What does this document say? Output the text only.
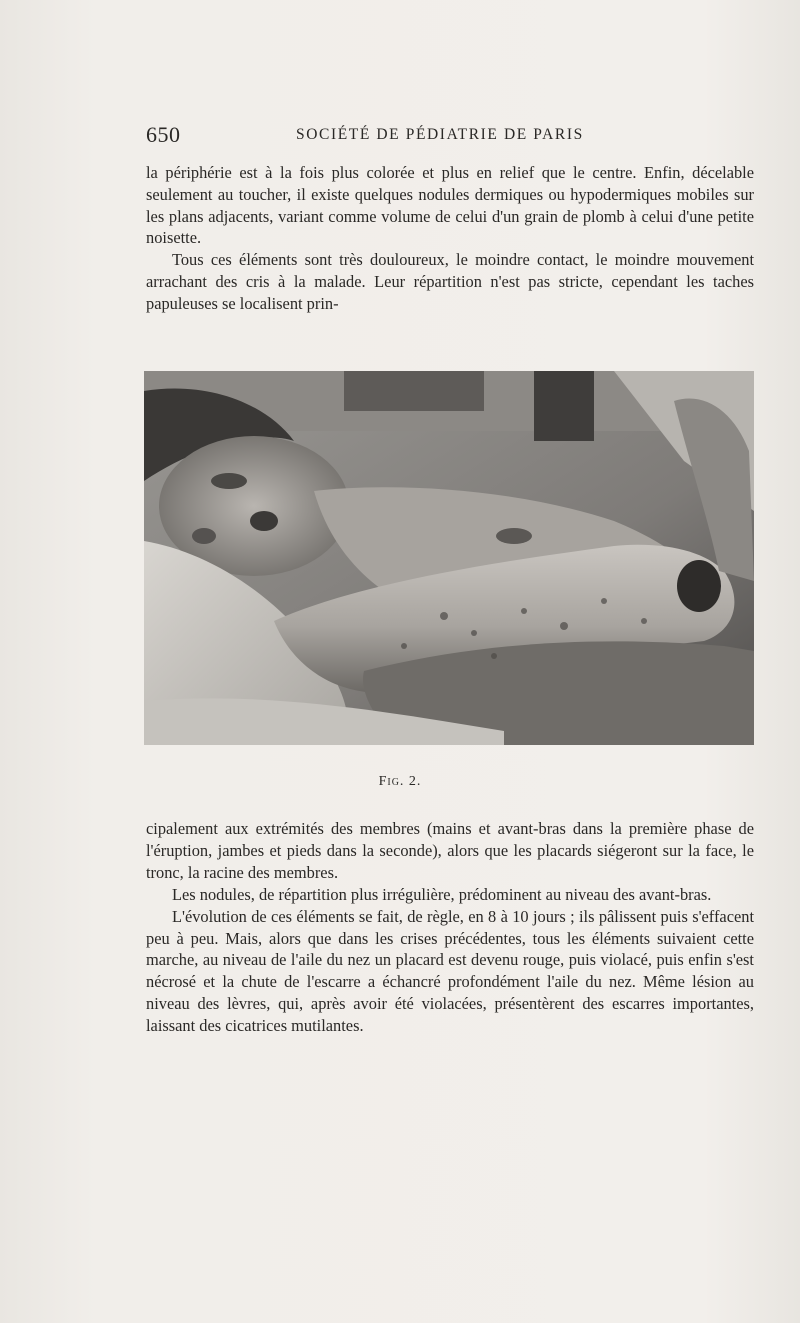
650	SOCIÉTÉ DE PÉDIATRIE DE PARIS

la périphérie est à la fois plus colorée et plus en relief que le centre. Enfin, décelable seulement au toucher, il existe quelques nodules dermiques ou hypodermiques mobiles sur les plans adjacents, variant comme volume de celui d'un grain de plomb à celui d'une petite noisette.

Tous ces éléments sont très douloureux, le moindre contact, le moindre mouvement arrachant des cris à la malade. Leur répartition n'est pas stricte, cependant les taches papuleuses se localisent prin-

Fig. 2.

cipalement aux extrémités des membres (mains et avant-bras dans la première phase de l'éruption, jambes et pieds dans la seconde), alors que les placards siégeront sur la face, le tronc, la racine des membres.

Les nodules, de répartition plus irrégulière, prédominent au niveau des avant-bras.

L'évolution de ces éléments se fait, de règle, en 8 à 10 jours ; ils pâlissent puis s'effacent peu à peu. Mais, alors que dans les crises précédentes, tous les éléments suivaient cette marche, au niveau de l'aile du nez un placard est devenu rouge, puis violacé, puis enfin s'est nécrosé et la chute de l'escarre a échancré profondément l'aile du nez. Même lésion au niveau des lèvres, qui, après avoir été violacées, présentèrent des escarres importantes, laissant des cicatrices mutilantes.
